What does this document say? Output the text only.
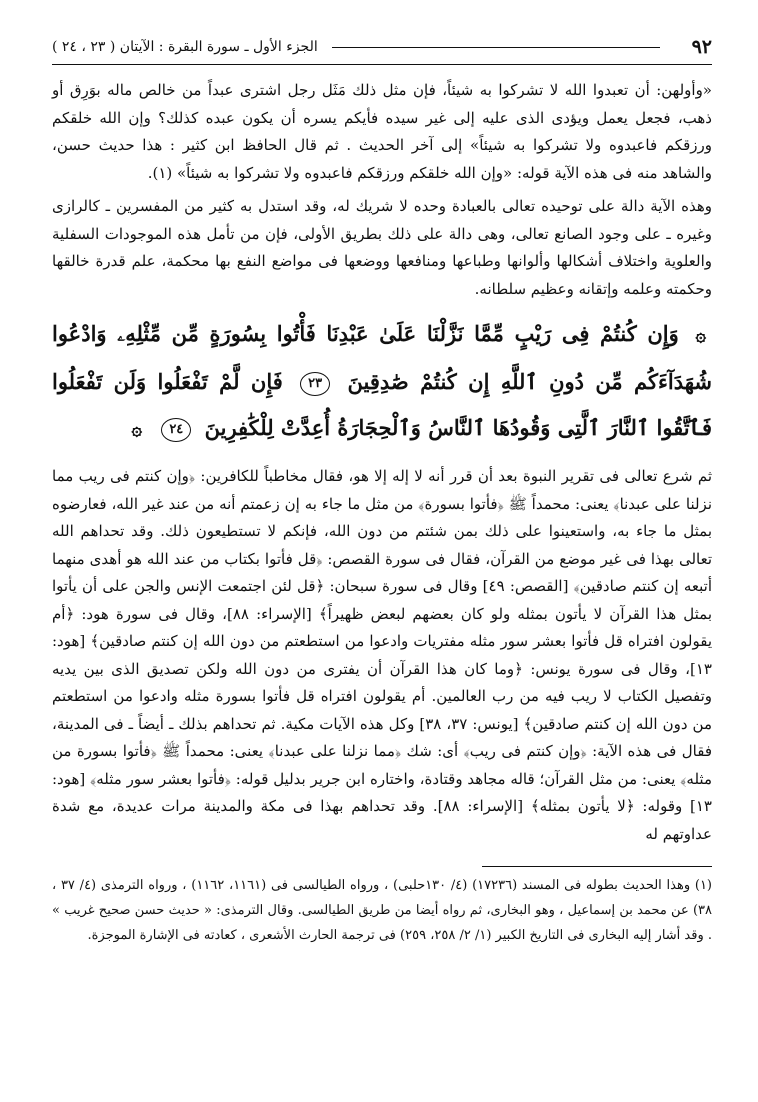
٩٢
الجزء الأول ـ سورة البقرة : الآيتان ( ٢٣ ، ٢٤ )

«وأولهن: أن تعبدوا الله لا تشركوا به شيئاً، فإن مثل ذلك مَثَل رجل اشترى عبداً من خالص ماله بوَرِق أو ذهب، فجعل يعمل ويؤدى الذى عليه إلى غير سيده فأيكم يسره أن يكون عبده كذلك؟ وإن الله خلقكم ورزقكم فاعبدوه ولا تشركوا به شيئاً» إلى آخر الحديث . ثم قال الحافظ ابن كثير : هذا حديث حسن، والشاهد منه فى هذه الآية قوله: «وإن الله خلقكم ورزقكم فاعبدوه ولا تشركوا به شيئاً» (١).

وهذه الآية دالة على توحيده تعالى بالعبادة وحده لا شريك له، وقد استدل به كثير من المفسرين ـ كالرازى وغيره ـ على وجود الصانع تعالى، وهى دالة على ذلك بطريق الأولى، فإن من تأمل هذه الموجودات السفلية والعلوية واختلاف أشكالها وألوانها وطباعها ومنافعها ووضعها فى مواضع النفع بها محكمة، علم قدرة خالقها وحكمته وعلمه وإتقانه وعظيم سلطانه.

۞ وَإِن كُنتُمْ فِى رَيْبٍ مِّمَّا نَزَّلْنَا عَلَىٰ عَبْدِنَا فَأْتُوا بِسُورَةٍ مِّن مِّثْلِهِۦ وَادْعُوا شُهَدَآءَكُم مِّن دُونِ ٱللَّهِ إِن كُنتُمْ صَٰدِقِينَ ٢٣ فَإِن لَّمْ تَفْعَلُوا وَلَن تَفْعَلُوا فَٱتَّقُوا ٱلنَّارَ ٱلَّتِى وَقُودُهَا ٱلنَّاسُ وَٱلْحِجَارَةُ أُعِدَّتْ لِلْكَٰفِرِينَ ٢٤ ۞

ثم شرع تعالى فى تقرير النبوة بعد أن قرر أنه لا إله إلا هو، فقال مخاطباً للكافرين: ﴿وإن كنتم فى ريب مما نزلنا على عبدنا﴾ يعنى: محمداً ﷺ ﴿فأتوا بسورة﴾ من مثل ما جاء به إن زعمتم أنه من عند غير الله، فعارضوه بمثل ما جاء به، واستعينوا على ذلك بمن شئتم من دون الله، فإنكم لا تستطيعون ذلك. وقد تحداهم الله تعالى بهذا فى غير موضع من القرآن، فقال فى سورة القصص: ﴿قل فأتوا بكتاب من عند الله هو أهدى منهما أتبعه إن كنتم صادقين﴾ [القصص: ٤٩] وقال فى سورة سبحان: ﴿قل لئن اجتمعت الإنس والجن على أن يأتوا بمثل هذا القرآن لا يأتون بمثله ولو كان بعضهم لبعض ظهيراً﴾ [الإسراء: ٨٨]، وقال فى سورة هود: ﴿أم يقولون افتراه قل فأتوا بعشر سور مثله مفتريات وادعوا من استطعتم من دون الله إن كنتم صادقين﴾ [هود: ١٣]، وقال فى سورة يونس: ﴿وما كان هذا القرآن أن يفترى من دون الله ولكن تصديق الذى بين يديه وتفصيل الكتاب لا ريب فيه من رب العالمين. أم يقولون افتراه قل فأتوا بسورة مثله وادعوا من استطعتم من دون الله إن كنتم صادقين﴾ [يونس: ٣٧، ٣٨] وكل هذه الآيات مكية. ثم تحداهم بذلك ـ أيضاً ـ فى المدينة، فقال فى هذه الآية: ﴿وإن كنتم فى ريب﴾ أى: شك ﴿مما نزلنا على عبدنا﴾ يعنى: محمداً ﷺ ﴿فأتوا بسورة من مثله﴾ يعنى: من مثل القرآن؛ قاله مجاهد وقتادة، واختاره ابن جرير بدليل قوله: ﴿فأتوا بعشر سور مثله﴾ [هود: ١٣] وقوله: ﴿لا يأتون بمثله﴾ [الإسراء: ٨٨]. وقد تحداهم بهذا فى مكة والمدينة مرات عديدة، مع شدة عداوتهم له

(١) وهذا الحديث بطوله فى المسند (١٧٢٣٦) (٤/ ١٣٠حلبى) ، ورواه الطيالسى فى (١١٦١، ١١٦٢) ، ورواه الترمذى (٤/ ٣٧ ، ٣٨) عن محمد بن إسماعيل ، وهو البخارى، ثم رواه أيضا من طريق الطيالسى. وقال الترمذى: « حديث حسن صحيح غريب » . وقد أشار إليه البخارى فى التاريخ الكبير (١/ ٢/ ٢٥٨، ٢٥٩) فى ترجمة الحارث الأشعرى ، كعادته فى الإشارة الموجزة.
